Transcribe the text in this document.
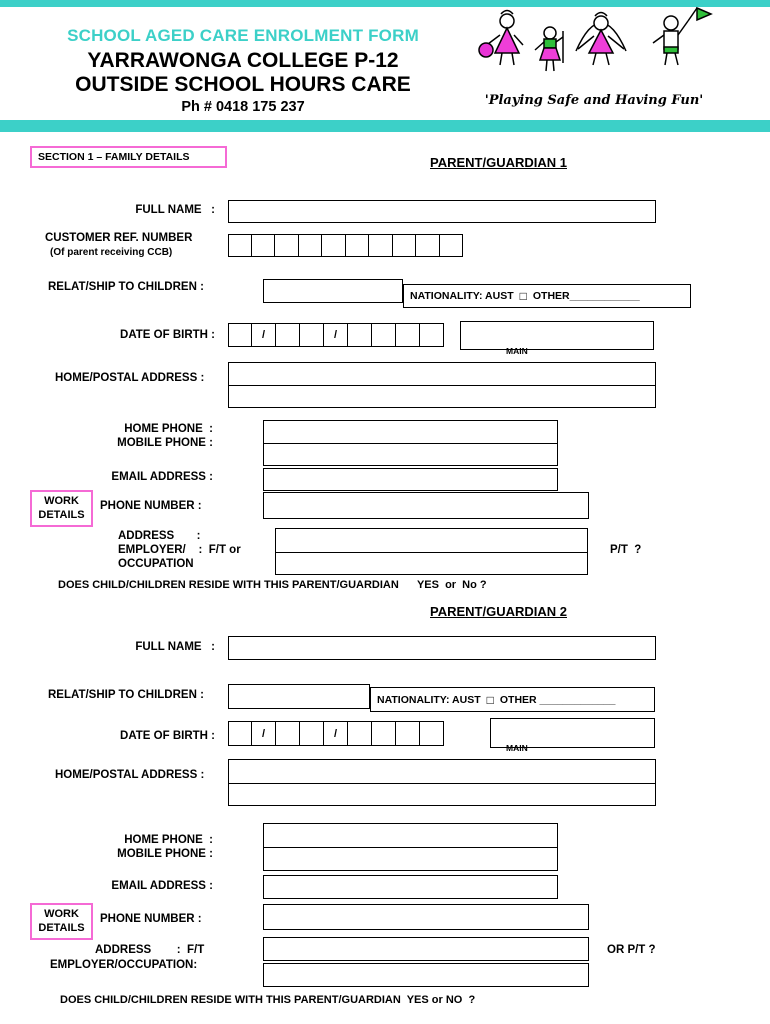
SCHOOL AGED CARE ENROLMENT FORM
YARRAWONGA COLLEGE P-12
OUTSIDE SCHOOL HOURS CARE
Ph # 0418 175 237	'Playing Safe and Having Fun'
SECTION 1 – FAMILY DETAILS	PARENT/GUARDIAN 1
FULL NAME   :
CUSTOMER REF. NUMBER
(Of parent receiving CCB)
RELAT/SHIP TO CHILDREN :
NATIONALITY: AUST □ OTHER____________
DATE OF BIRTH :	/	/

MAIN

HOME/POSTAL ADDRESS :
HOME PHONE  :
MOBILE PHONE :
EMAIL ADDRESS :
WORK
DETAILS
PHONE NUMBER :
ADDRESS       :
EMPLOYER/    :  F/T or
OCCUPATION
P/T  ?
DOES CHILD/CHILDREN RESIDE WITH THIS PARENT/GUARDIAN      YES  or  No ?
PARENT/GUARDIAN 2
FULL NAME   :
RELAT/SHIP TO CHILDREN :	NATIONALITY: AUST □ OTHER _____________
DATE OF BIRTH :	/	/

MAIN

HOME/POSTAL ADDRESS :
HOME PHONE  :
MOBILE PHONE :
EMAIL ADDRESS :
WORK
DETAILS
PHONE NUMBER :
ADDRESS        :  F/T	OR P/T ?
EMPLOYER/OCCUPATION:
DOES CHILD/CHILDREN RESIDE WITH THIS PARENT/GUARDIAN  YES or NO  ?
